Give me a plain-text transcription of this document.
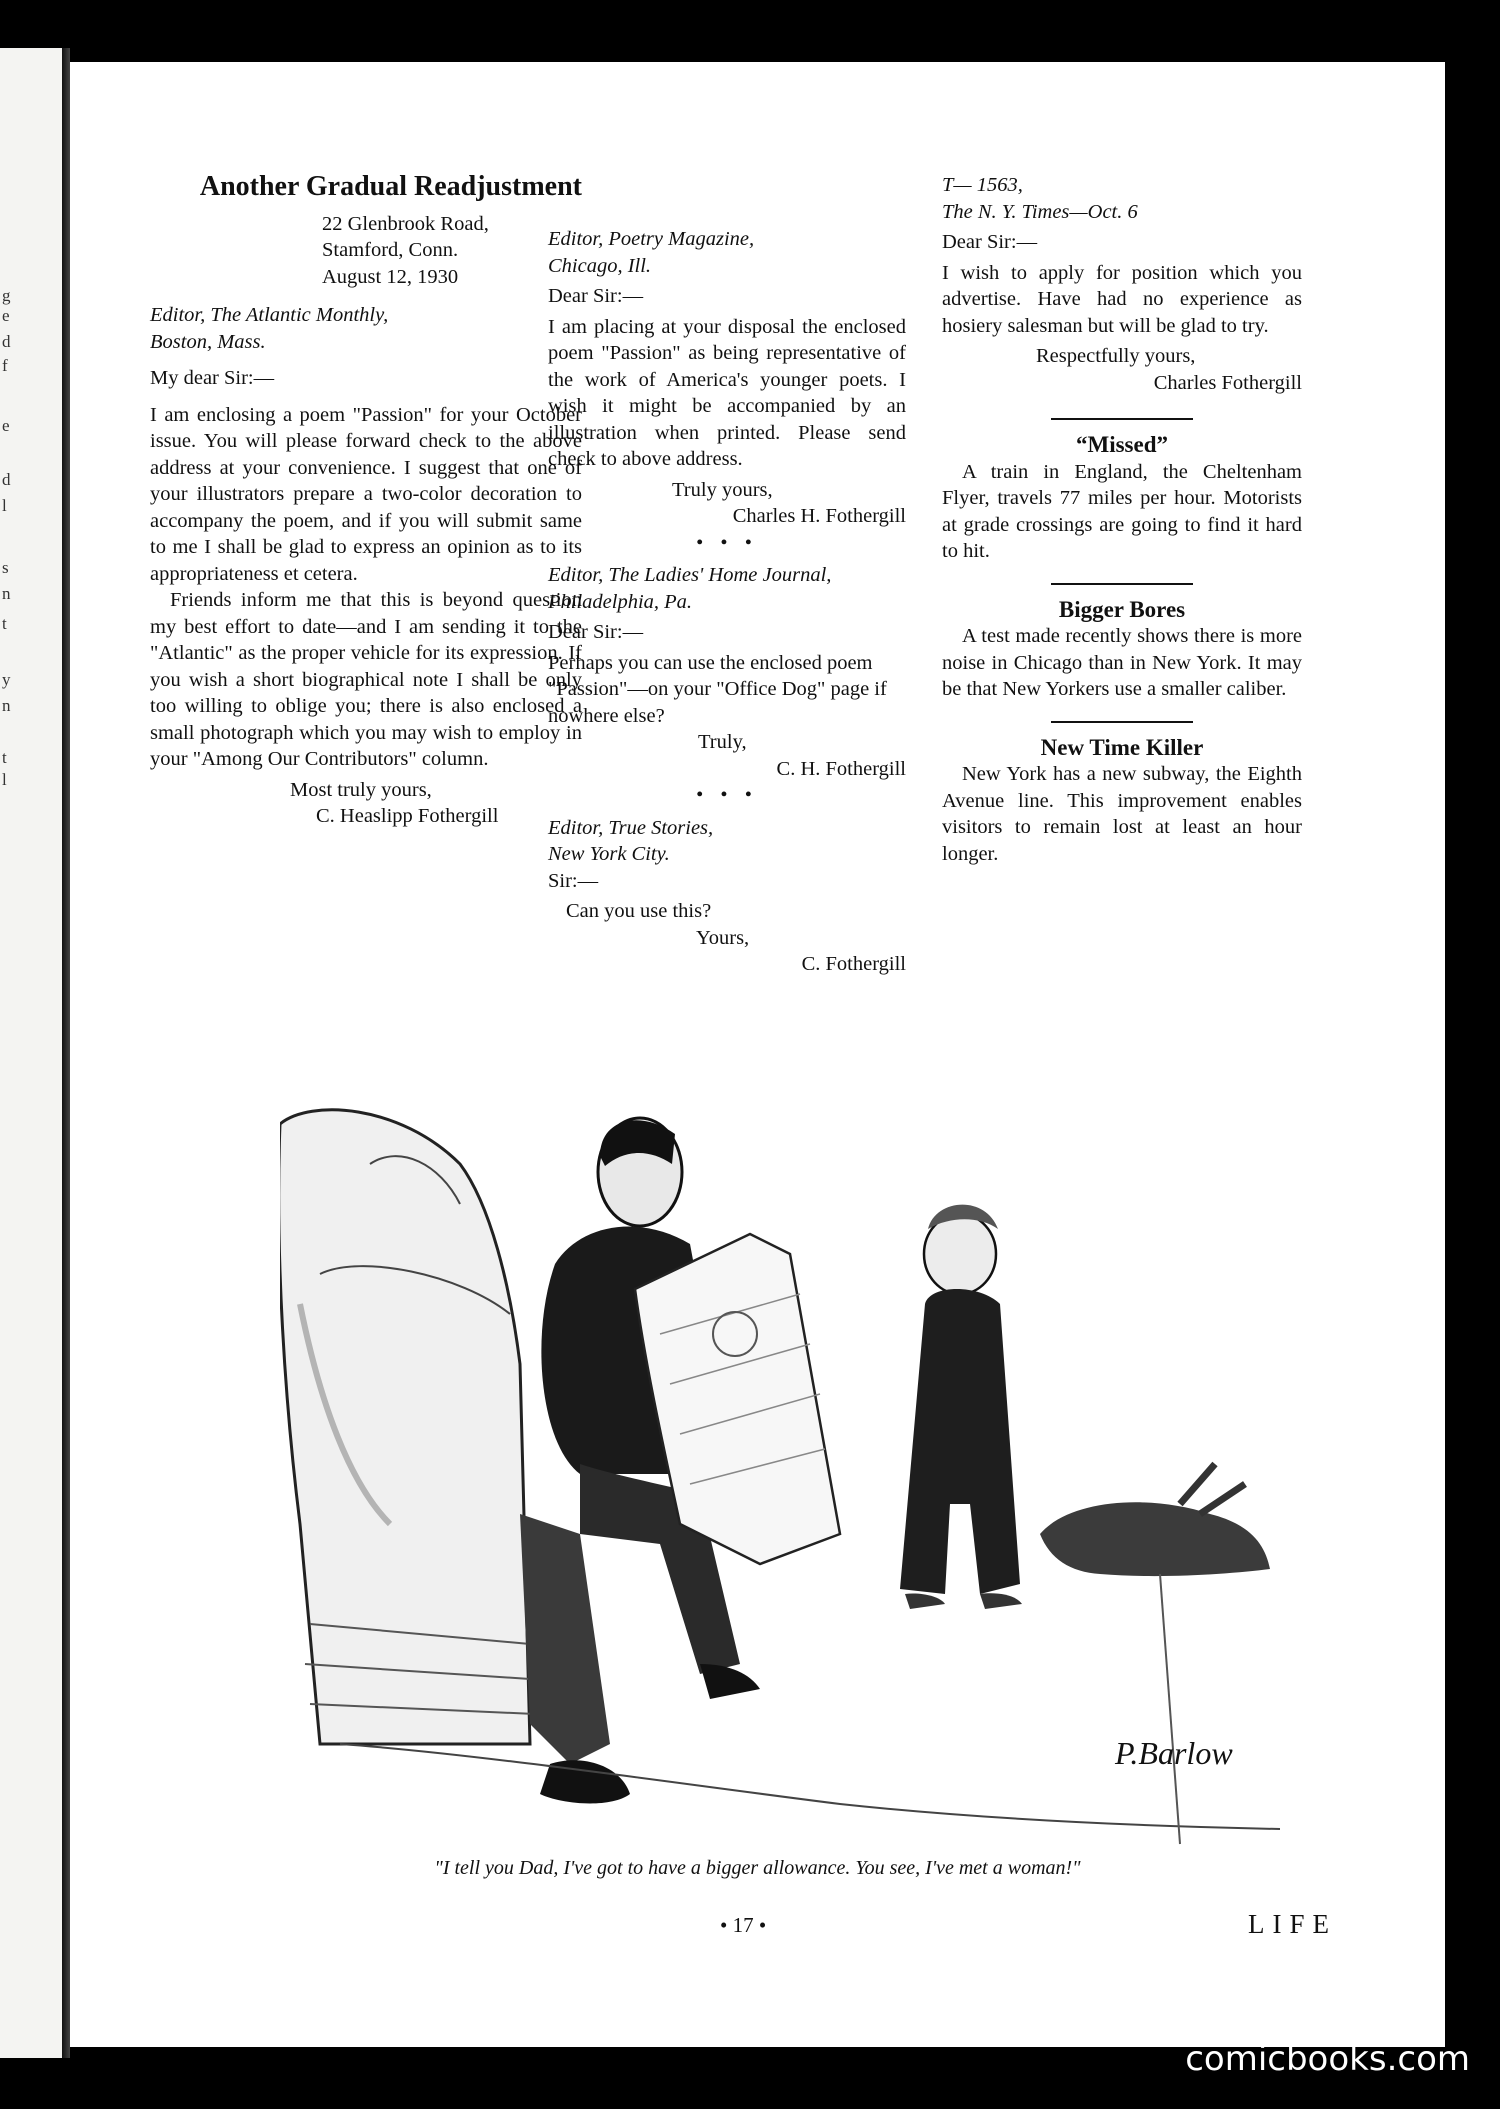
g
e
d
f
e
d
l
s
n
t
y
n
t
l
Another Gradual Readjustment

22 Glenbrook Road,

Stamford, Conn.

August 12, 1930

Editor, The Atlantic Monthly,

Boston, Mass.

My dear Sir:—

I am enclosing a poem "Passion" for your October issue. You will please forward check to the above address at your convenience. I suggest that one of your illustrators prepare a two-color decoration to accompany the poem, and if you will submit same to me I shall be glad to express an opinion as to its appropriateness et cetera.

Friends inform me that this is beyond question my best effort to date—and I am sending it to the "Atlantic" as the proper vehicle for its expression. If you wish a short biographical note I shall be only too willing to oblige you; there is also enclosed a small photograph which you may wish to employ in your "Among Our Contributors" column.

Most truly yours,

C. Heaslipp Fothergill

Editor, Poetry Magazine,

Chicago, Ill.

Dear Sir:—

I am placing at your disposal the enclosed poem "Passion" as being representative of the work of America's younger poets. I wish it might be accompanied by an illustration when printed. Please send check to above address.

Truly yours,

Charles H. Fothergill

• • •

Editor, The Ladies' Home Journal,

Philadelphia, Pa.

Dear Sir:—

Perhaps you can use the enclosed poem "Passion"—on your "Office Dog" page if nowhere else?

Truly,

C. H. Fothergill

• • •

Editor, True Stories,

New York City.

Sir:—

Can you use this?

Yours,

C. Fothergill

T— 1563,

The N. Y. Times—Oct. 6

Dear Sir:—

I wish to apply for position which you advertise. Have had no experience as hosiery salesman but will be glad to try.

Respectfully yours,

Charles Fothergill

“Missed”

A train in England, the Cheltenham Flyer, travels 77 miles per hour. Motorists at grade crossings are going to find it hard to hit.

Bigger Bores

A test made recently shows there is more noise in Chicago than in New York. It may be that New Yorkers use a smaller caliber.

New Time Killer

New York has a new subway, the Eighth Avenue line. This improvement enables visitors to remain lost at least an hour longer.

P.Barlow
"I tell you Dad, I've got to have a bigger allowance. You see, I've met a woman!"
• 17 •	LIFE
comicbooks.com
